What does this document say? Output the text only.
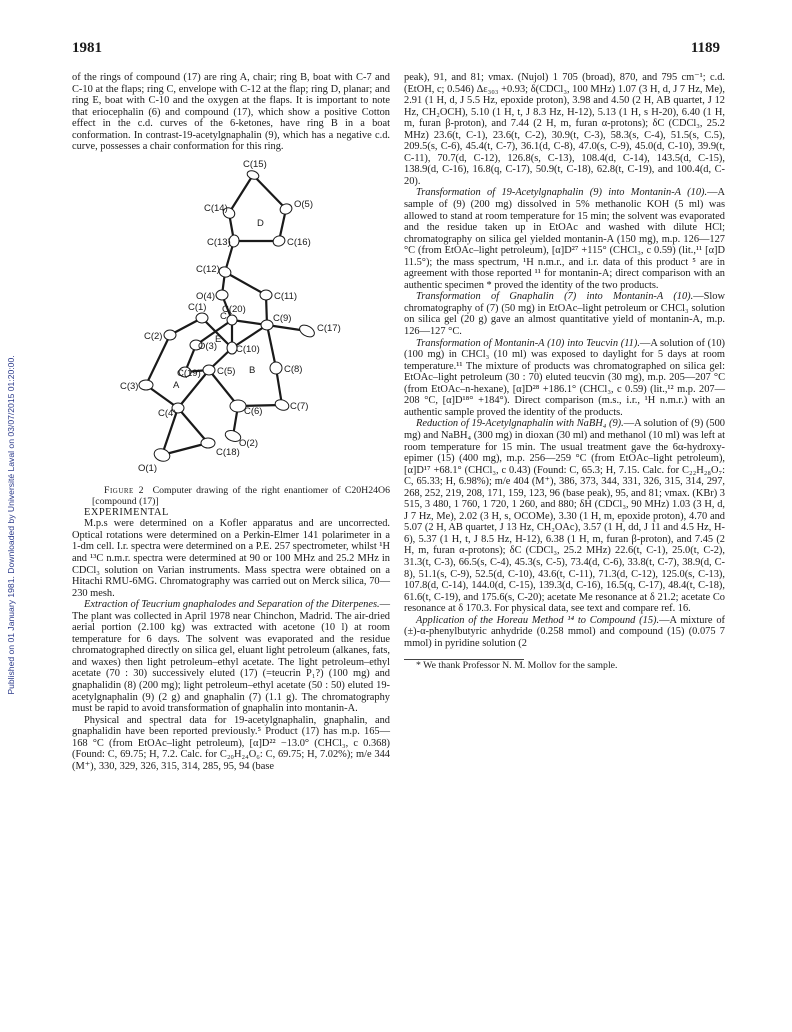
1981	1189
Published on 01 January 1981. Downloaded by Université Laval on 03/07/2015 01:20:00.

of the rings of compound (17) are ring A, chair; ring B, boat with C-7 and C-10 at the flaps; ring C, envelope with C-12 at the flap; ring D, planar; and ring E, boat with C-10 and the oxygen at the flaps. It is important to note that eriocephalin (6) and compound (17), which show a positive Cotton effect in the c.d. curves of the 6-ketones, have ring B in a boat conformation. In contrast-19-acetylgnaphalin (9), which has a negative c.d. curve, possesses a chair conformation for this ring.

C(15)
C(14)	O(5)
D
C(13)	C(16)
C(12)
O(4)	C(11)
C(1) C(20)
C	C(9)
C(17)
C(2)	E
C(10)
O(3)
C(19) C(5) B	C(8)
C(3)	A
C(7)
C(4)	C(6)
O(2)
O(1)
C(18)

Figure 2 Computer drawing of the right enantiomer of C20H24O6 [compound (17)]

EXPERIMENTAL

M.p.s were determined on a Kofler apparatus and are uncorrected. Optical rotations were determined on a Perkin-Elmer 141 polarimeter in a 1-dm cell. I.r. spectra were determined on a P.E. 257 spectrometer, whilst ¹H and ¹³C n.m.r. spectra were determined at 90 or 100 MHz and 25.2 MHz in CDCl₃ solution on Varian instruments. Mass spectra were obtained on a Hitachi RMU-6MG. Chromatography was carried out on Merck silica, 70—230 mesh.

Extraction of Teucrium gnaphalodes and Separation of the Diterpenes.—The plant was collected in April 1978 near Chinchon, Madrid. The air-dried aerial portion (2.100 kg) was extracted with acetone (10 l) at room temperature for 6 days. The solvent was evaporated and the residue chromatographed directly on silica gel, eluant light petroleum (alkanes, fats, and waxes) then light petroleum–ethyl acetate. The light petroleum–ethyl acetate (70 : 30) successively eluted (17) (=teucrin P₁?) (100 mg) and gnaphalidin (8) (200 mg); light petroleum–ethyl acetate (50 : 50) eluted 19-acetylgnaphalin (9) (2 g) and gnaphalin (7) (1.1 g). The chromatography must be rapid to avoid transformation of gnaphalin into montanin-A.

Physical and spectral data for 19-acetylgnaphalin, gnaphalin, and gnaphalidin have been reported previously.⁵ Product (17) has m.p. 165—168 °C (from EtOAc–light petroleum), [α]D²² −13.0° (CHCl₃, c 0.368) (Found: C, 69.75; H, 7.2. Calc. for C₂₀H₂₄O₆: C, 69.75; H, 7.02%); m/e 344 (M⁺), 330, 329, 326, 315, 314, 285, 95, 94 (base

peak), 91, and 81; νmax. (Nujol) 1 705 (broad), 870, and 795 cm⁻¹; c.d. (EtOH, c; 0.546) Δε₃₀₃ +0.93; δ(CDCl₃, 100 MHz) 1.07 (3 H, d, J 7 Hz, Me), 2.91 (1 H, d, J 5.5 Hz, epoxide proton), 3.98 and 4.50 (2 H, AB quartet, J 12 Hz, CH₂OCH), 5.10 (1 H, t, J 8.3 Hz, H-12), 5.13 (1 H, s H-20), 6.40 (1 H, m, furan β-proton), and 7.44 (2 H, m, furan α-protons); δC (CDCl₃, 25.2 MHz) 23.6(t, C-1), 23.6(t, C-2), 30.9(t, C-3), 58.3(s, C-4), 51.5(s, C.5), 209.5(s, C-6), 45.4(t, C-7), 36.1(d, C-8), 47.0(s, C-9), 45.0(d, C-10), 39.9(t, C-11), 70.7(d, C-12), 126.8(s, C-13), 108.4(d, C-14), 143.5(d, C-15), 138.9(d, C-16), 16.8(q, C-17), 50.9(t, C-18), 62.8(t, C-19), and 100.4(d, C-20).

Transformation of 19-Acetylgnaphalin (9) into Montanin-A (10).—A sample of (9) (200 mg) dissolved in 5% methanolic KOH (5 ml) was allowed to stand at room temperature for 15 min; the solvent was evaporated and the residue taken up in EtOAc and washed with dilute HCl; chromatography on silica gel yielded montanin-A (150 mg), m.p. 126—127 °C (from EtOAc–light petroleum), [α]D²⁷ +115° (CHCl₃, c 0.59) (lit.,¹¹ [α]D 11.5°); the mass spectrum, ¹H n.m.r., and i.r. data of this product ⁵ are in agreement with those reported ¹¹ for montanin-A; direct comparison with an authentic specimen * proved the identity of the two products.

Transformation of Gnaphalin (7) into Montanin-A (10).—Slow chromatography of (7) (50 mg) in EtOAc–light petroleum or CHCl₃ solution on silica gel (20 g) gave an almost quantitative yield of montanin-A, m.p. 126—127 °C.

Transformation of Montanin-A (10) into Teucvin (11).—A solution of (10) (100 mg) in CHCl₃ (10 ml) was exposed to daylight for 5 days at room temperature.¹¹ The mixture of products was chromatographed on silica gel: EtOAc–light petroleum (30 : 70) eluted teucvin (30 mg), m.p. 205—207 °C (from EtOAc–n-hexane), [α]D²⁸ +186.1° (CHCl₃, c 0.59) (lit.,¹² m.p. 207—208 °C, [α]D¹⁸° +184°). Direct comparison (m.s., i.r., ¹H n.m.r.) with an authentic sample proved the identity of the products.

Reduction of 19-Acetylgnaphalin with NaBH₄ (9).—A solution of (9) (500 mg) and NaBH₄ (300 mg) in dioxan (30 ml) and methanol (10 ml) was left at room temperature for 15 min. The usual treatment gave the 6α-hydroxy-epimer (15) (400 mg), m.p. 256—259 °C (from EtOAc–light petroleum), [α]D¹⁷ +68.1° (CHCl₃, c 0.43) (Found: C, 65.3; H, 7.15. Calc. for C₂₂H₂₈O₇: C, 65.33; H, 6.98%); m/e 404 (M⁺), 386, 373, 344, 331, 326, 315, 314, 297, 268, 252, 219, 208, 171, 159, 123, 96 (base peak), 95, and 81; νmax. (KBr) 3 515, 3 480, 1 760, 1 720, 1 260, and 880; δH (CDCl₃, 90 MHz) 1.03 (3 H, d, J 7 Hz, Me), 2.02 (3 H, s, OCOMe), 3.30 (1 H, m, epoxide proton), 4.70 and 5.07 (2 H, AB quartet, J 13 Hz, CH₂OAc), 3.57 (1 H, dd, J 11 and 4.5 Hz, H-6), 5.37 (1 H, t, J 8.5 Hz, H-12), 6.38 (1 H, m, furan β-proton), and 7.45 (2 H, m, furan α-protons); δC (CDCl₃, 25.2 MHz) 22.6(t, C-1), 25.0(t, C-2), 31.3(t, C-3), 66.5(s, C-4), 45.3(s, C-5), 73.4(d, C-6), 33.8(t, C-7), 38.9(d, C-8), 51.1(s, C-9), 52.5(d, C-10), 43.6(t, C-11), 71.3(d, C-12), 125.0(s, C-13), 107.8(d, C-14), 144.0(d, C-15), 139.3(d, C-16), 16.5(q, C-17), 48.4(t, C-18), 61.6(t, C-19), and 175.6(s, C-20); acetate Me resonance at δ 21.2; acetate Co resonance at δ 170.3. For physical data, see text and compare ref. 16.

Application of the Horeau Method ¹⁴ to Compound (15).—A mixture of (±)-α-phenylbutyric anhydride (0.258 mmol) and compound (15) (0.075 7 mmol) in pyridine solution (2

* We thank Professor N. M. Mollov for the sample.
